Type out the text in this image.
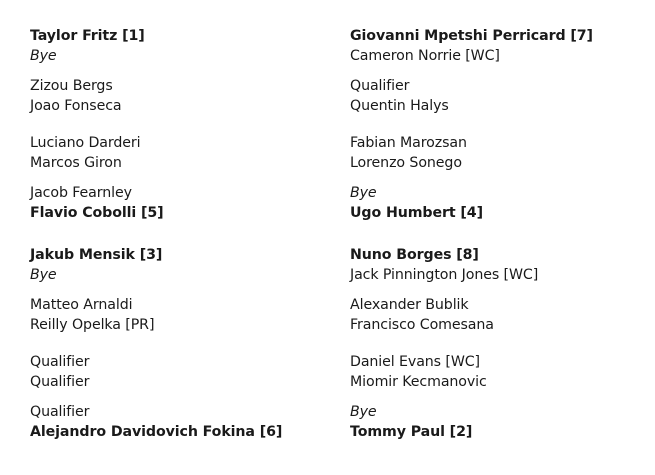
Taylor Fritz [1]
Bye
Zizou Bergs
Joao Fonseca
Luciano Darderi
Marcos Giron
Jacob Fearnley
Flavio Cobolli [5]
Jakub Mensik [3]
Bye
Matteo Arnaldi
Reilly Opelka [PR]
Qualifier
Qualifier
Qualifier
Alejandro Davidovich Fokina [6]
Giovanni Mpetshi Perricard [7]
Cameron Norrie [WC]
Qualifier
Quentin Halys
Fabian Marozsan
Lorenzo Sonego
Bye
Ugo Humbert [4]
Nuno Borges [8]
Jack Pinnington Jones [WC]
Alexander Bublik
Francisco Comesana
Daniel Evans [WC]
Miomir Kecmanovic
Bye
Tommy Paul [2]
